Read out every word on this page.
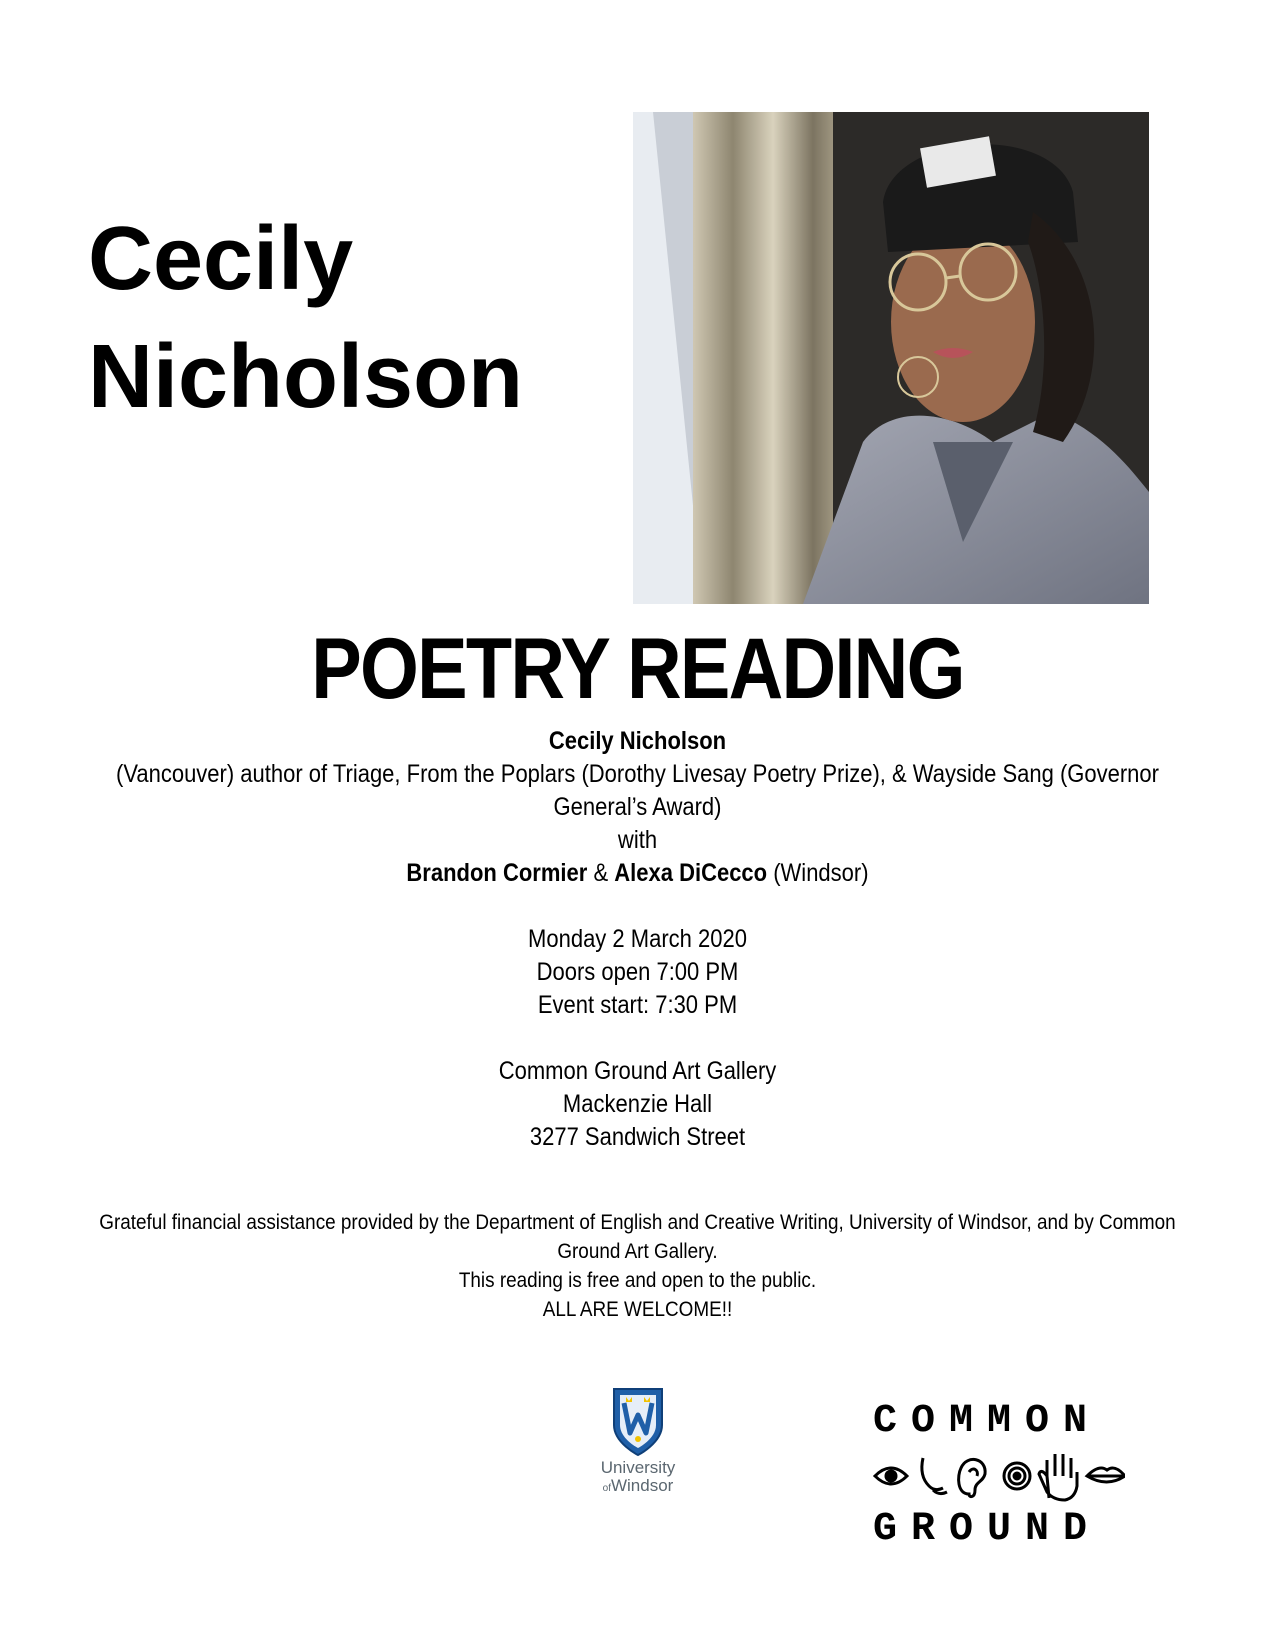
Cecily
Nicholson
POETRY READING

Cecily Nicholson

(Vancouver) author of Triage, From the Poplars (Dorothy Livesay Poetry Prize), & Wayside Sang (Governor General’s Award)

with

Brandon Cormier & Alexa DiCecco (Windsor)

Monday 2 March 2020

Doors open 7:00 PM

Event start: 7:30 PM

Common Ground Art Gallery

Mackenzie Hall

3277 Sandwich Street

Grateful financial assistance provided by the Department of English and Creative Writing, University of Windsor, and by Common Ground Art Gallery.

This reading is free and open to the public.

ALL ARE WELCOME!!

University
ofWindsor
COMMON
GROUND
